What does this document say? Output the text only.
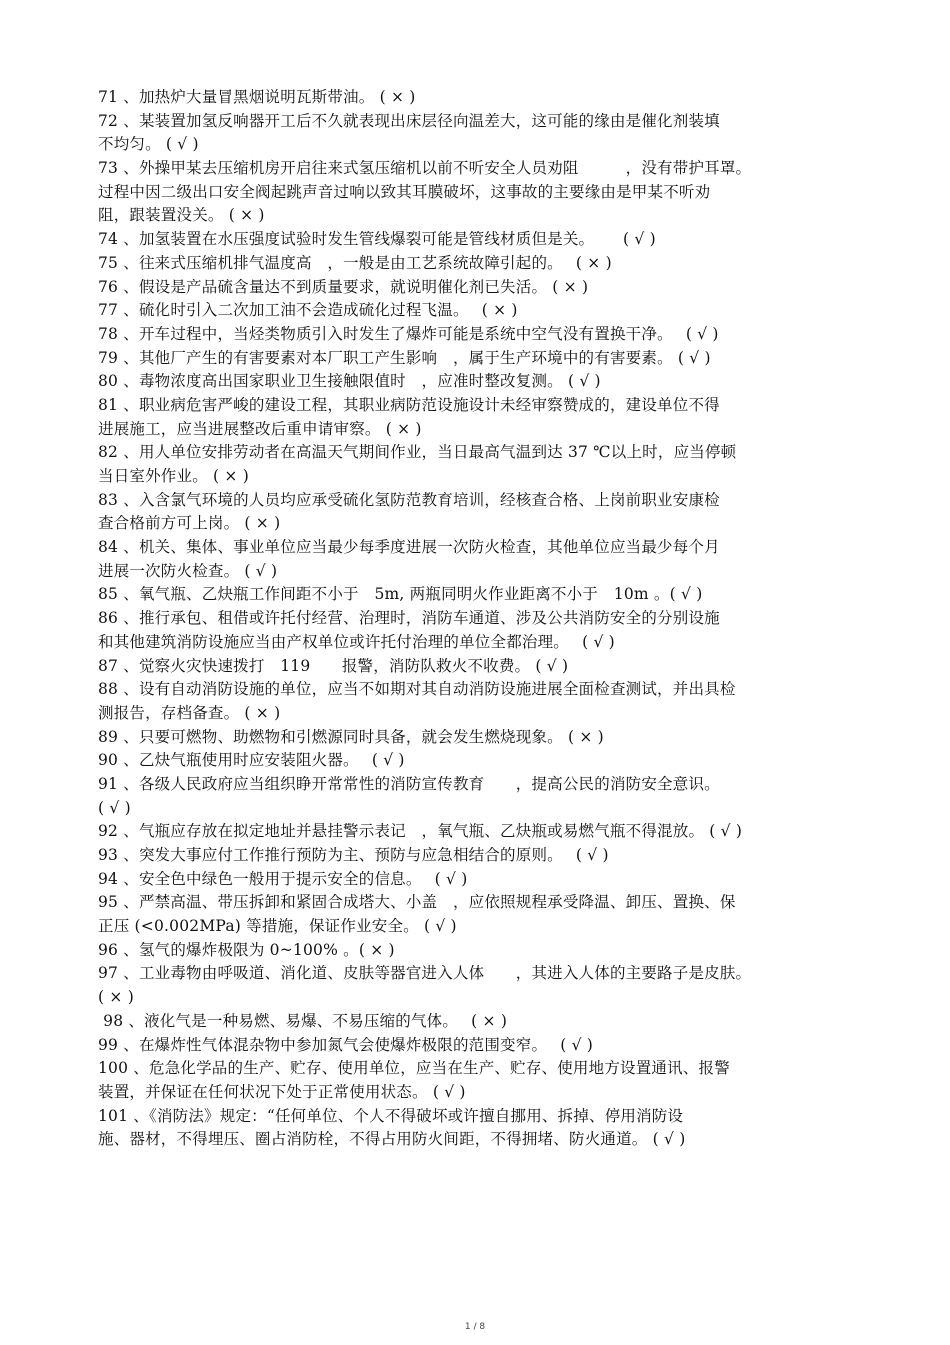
71 、加热炉大量冒黑烟说明瓦斯带油。 ( × )
72 、某装置加氢反响器开工后不久就表现出床层径向温差大，这可能的缘由是催化剂装填
不均匀。 ( √ )
73 、外操甲某去压缩机房开启往来式氢压缩机以前不听安全人员劝阻　　　，没有带护耳罩。
过程中因二级出口安全阀起跳声音过响以致其耳膜破坏，这事故的主要缘由是甲某不听劝
阻，跟装置没关。 ( × )
74 、加氢装置在水压强度试验时发生管线爆裂可能是管线材质但是关。　　 ( √ )
75 、往来式压缩机排气温度高　，一般是由工艺系统故障引起的。　 ( × )
76 、假设是产品硫含量达不到质量要求，就说明催化剂已失活。 ( × )
77 、硫化时引入二次加工油不会造成硫化过程飞温。　 ( × )
78 、开车过程中，当烃类物质引入时发生了爆炸可能是系统中空气没有置换干净。　 ( √ )
79 、其他厂产生的有害要素对本厂职工产生影响　，属于生产环境中的有害要素。 ( √ )
80 、毒物浓度高出国家职业卫生接触限值时　，应准时整改复测。 ( √ )
81 、职业病危害严峻的建设工程，其职业病防范设施设计未经审察赞成的，建设单位不得
进展施工，应当进展整改后重申请审察。 ( × )
82 、用人单位安排劳动者在高温天气期间作业，当日最高气温到达 37 ℃以上时，应当停顿
当日室外作业。 ( × )
83 、入含氯气环境的人员均应承受硫化氢防范教育培训，经核查合格、上岗前职业安康检
查合格前方可上岗。 ( × )
84 、机关、集体、事业单位应当最少每季度进展一次防火检查，其他单位应当最少每个月
进展一次防火检查。 ( √ )
85 、氧气瓶、乙炔瓶工作间距不小于　5m, 两瓶同明火作业距离不小于　10m 。( √ )
86 、推行承包、租借或许托付经营、治理时，消防车通道、涉及公共消防安全的分别设施
和其他建筑消防设施应当由产权单位或许托付治理的单位全都治理。　 ( √ )
87 、觉察火灾快速拨打　119　　报警，消防队救火不收费。 ( √ )
88 、设有自动消防设施的单位，应当不如期对其自动消防设施进展全面检查测试，并出具检
测报告，存档备查。 ( × )
89 、只要可燃物、助燃物和引燃源同时具备，就会发生燃烧现象。 ( × )
90 、乙炔气瓶使用时应安装阻火器。　 ( √ )
91 、各级人民政府应当组织睁开常常性的消防宣传教育　　，提高公民的消防安全意识。
( √ )
92 、气瓶应存放在拟定地址并悬挂警示表记　，氧气瓶、乙炔瓶或易燃气瓶不得混放。 ( √ )
93 、突发大事应付工作推行预防为主、预防与应急相结合的原则。　 ( √ )
94 、安全色中绿色一般用于提示安全的信息。　 ( √ )
95 、严禁高温、带压拆卸和紧固合成塔大、小盖　，应依照规程承受降温、卸压、置换、保
正压 (<0.002MPa) 等措施，保证作业安全。 ( √ )
96 、氢气的爆炸极限为 0~100% 。( × )
97 、工业毒物由呼吸道、消化道、皮肤等器官进入人体　　，其进入人体的主要路子是皮肤。
( × )
98 、液化气是一种易燃、易爆、不易压缩的气体。　 ( × )
99 、在爆炸性气体混杂物中参加氮气会使爆炸极限的范围变窄。　 ( √ )
100 、危急化学品的生产、贮存、使用单位，应当在生产、贮存、使用地方设置通讯、报警
装置，并保证在任何状况下处于正常使用状态。 ( √ )
101 、《消防法》规定：“任何单位、个人不得破坏或许擅自挪用、拆掉、停用消防设
施、器材，不得埋压、圈占消防栓，不得占用防火间距，不得拥堵、防火通道。 ( √ )
1 / 8
